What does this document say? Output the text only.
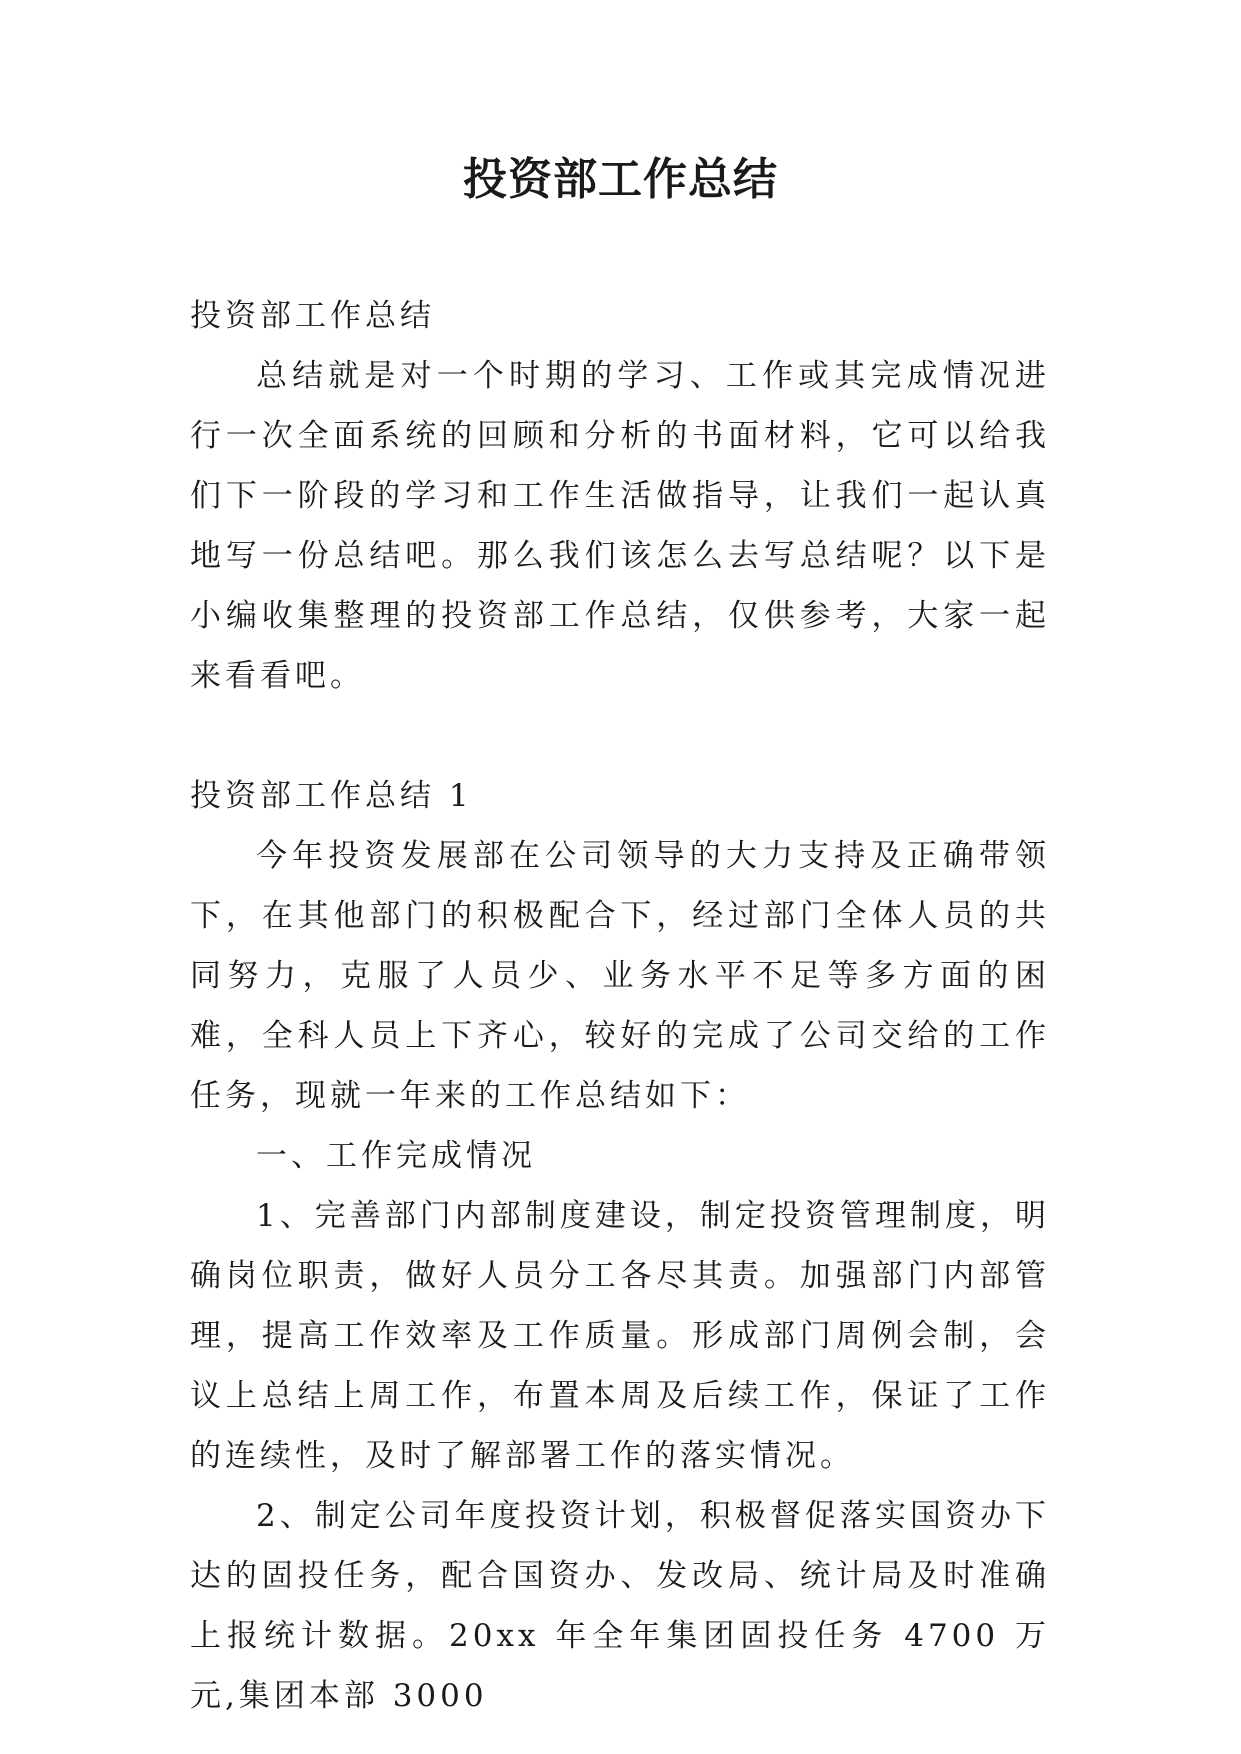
投资部工作总结

投资部工作总结

总结就是对一个时期的学习、工作或其完成情况进行一次全面系统的回顾和分析的书面材料，它可以给我们下一阶段的学习和工作生活做指导，让我们一起认真地写一份总结吧。那么我们该怎么去写总结呢？以下是小编收集整理的投资部工作总结，仅供参考，大家一起来看看吧。

投资部工作总结 1

今年投资发展部在公司领导的大力支持及正确带领下，在其他部门的积极配合下，经过部门全体人员的共同努力，克服了人员少、业务水平不足等多方面的困难，全科人员上下齐心，较好的完成了公司交给的工作任务，现就一年来的工作总结如下：

一、工作完成情况

1、完善部门内部制度建设，制定投资管理制度，明确岗位职责，做好人员分工各尽其责。加强部门内部管理，提高工作效率及工作质量。形成部门周例会制，会议上总结上周工作，布置本周及后续工作，保证了工作的连续性，及时了解部署工作的落实情况。

2、制定公司年度投资计划，积极督促落实国资办下达的固投任务，配合国资办、发改局、统计局及时准确上报统计数据。20xx 年全年集团固投任务 4700 万元,集团本部 3000
